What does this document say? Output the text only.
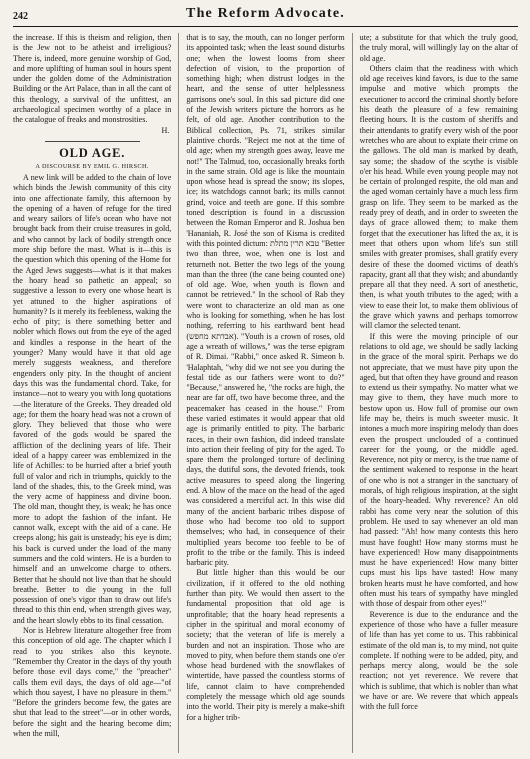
242	The Reform Advocate.

the increase. If this is theism and religion, then is the Jew not to be atheist and irreligious? There is, indeed, more genuine worship of God, and more uplifting of human soul in hours spent under the golden dome of the Administration Building or the Art Palace, than in all the cant of this theology, a survival of the unfittest, an archaeological specimen worthy of a place in the catalogue of freaks and monstrosities.

H.
OLD AGE.
A DISCOURSE BY EMIL G. HIRSCH.

A new link will be added to the chain of love which binds the Jewish community of this city into one affectionate family, this afternoon by the opening of a haven of refuge for the tired and weary sailors of life's ocean who have not brought back from their cruise treasures in gold, and who cannot by lack of bodily strength once more ship before the mast. What is it—this is the question which this opening of the Home for the Aged Jews suggests—what is it that makes the hoary head so pathetic an appeal; so suggestive a lesson to every one whose heart is yet attuned to the higher aspirations of humanity? Is it merely its feebleness, waking the echo of pity; is there something better and nobler which flows out from the eye of the aged and kindles a response in the heart of the younger? Many would have it that old age merely suggests weakness, and therefore engenders only pity. In the thought of ancient days this was the fundamental chord. Take, for instance—not to weary you with long quotations—the literature of the Greeks. They dreaded old age; for them the hoary head was not a crown of glory. They believed that those who were favored of the gods would be spared the affliction of the declining years of life. Their ideal of a happy career was emblemized in the life of Achilles: to be hurried after a brief youth full of valor and rich in triumphs, quickly to the land of the shades, this, to the Greek mind, was the very acme of happiness and divine boon. The old man, thought they, is weak; he has once more to adopt the fashion of the infant. He cannot walk, except with the aid of a cane. He creeps along; his gait is unsteady; his eye is dim; his back is curved under the load of the many summers and the cold winters. He is a burden to himself and an unwelcome charge to others. Better that he should not live than that he should breathe. Better to die young in the full possession of one's vigor than to draw out life's thread to this thin end, when strength gives way, and the heart slowly ebbs to its final cessation.

Nor is Hebrew literature altogether free from this conception of old age. The chapter which I read to you strikes also this keynote. "Remember thy Creator in the days of thy youth before those evil days come," the "preacher" calls them evil days, the days of old age—"of which thou sayest, I have no pleasure in them." "Before the grinders become few, the gates are shut that lead to the street"—or in other words, before the sight and the hearing become dim; when the mill,

that is to say, the mouth, can no longer perform its appointed task; when the least sound disturbs one; when the lowest looms from sheer defection of vision, to the proportion of something high; when distrust lodges in the heart, and the sense of utter helplessness garrisons one's soul. In this sad picture did one of the Jewish writers picture the horrors as he felt, of old age. Another contribution to the Biblical collection, Ps. 71, strikes similar plaintive chords. "Reject me not at the time of old age; when my strength goes away, leave me not!" The Talmud, too, occasionally breaks forth in the same strain. Old age is like the mountain upon whose head is spread the snow; its slopes, ice; its watchdogs cannot bark; its mills cannot grind, voice and teeth are gone. If this sombre toned description is found in a discussion between the Roman Emperor and R. Joshua ben 'Hananiah, R. José the son of Kisma is credited with this pointed dictum: טבא תרין מתלת "Better two than three, woe, when one is lost and returneth not. Better the two legs of the young man than the three (the cane being counted one) of old age. Woe, when youth is flown and cannot be retrieved." In the school of Rab they were wont to characterize an old man as one who is looking for something, when he has lost nothing, referring to his earthward bent head (אבדתא מחפש). "Youth is a crown of roses, old age a wreath of willows," was the terse epigram of R. Dimai. "Rabbi," once asked R. Simeon b. 'Halaphtah, "why did we not see you during the festal tide as our fathers were wont to do?" "Because," answered he, "the rocks are high, the near are far off, two have become three, and the peacemaker has ceased in the house." From these varied estimates it would appear that old age is primarily entitled to pity. The barbaric races, in their own fashion, did indeed translate into action their feeling of pity for the aged. To spare them the prolonged torture of declining days, the dutiful sons, the devoted friends, took active measures to speed along the lingering end. A blow of the mace on the head of the aged was considered a merciful act. In this wise did many of the ancient barbaric tribes dispose of those who had become too old to support themselves; who had, in consequence of their multiplied years become too feeble to be of profit to the tribe or the family. This is indeed barbaric pity.

But little higher than this would be our civilization, if it offered to the old nothing further than pity. We would then assert to the fundamental proposition that old age is unprofitable; that the hoary head represents a cipher in the spiritual and moral economy of society; that the veteran of life is merely a burden and not an inspiration. Those who are moved to pity, when before them stands one o'er whose head burdened with the snowflakes of wintertide, have passed the countless storms of life, cannot claim to have comprehended completely the message which old age sounds into the world. Their pity is merely a make-shift for a higher trib-

ute; a substitute for that which the truly good, the truly moral, will willingly lay on the altar of old age.

Others claim that the readiness with which old age receives kind favors, is due to the same impulse and motive which prompts the executioner to accord the criminal shortly before his death the pleasure of a few remaining fleeting hours. It is the custom of sheriffs and their attendants to gratify every wish of the poor wretches who are about to expiate their crime on the gallows. The old man is marked by death, say some; the shadow of the scythe is visible o'er his head. While even young people may not be certain of prolonged respite, the old man and the aged woman certainly have a much less firm grasp on life. They seem to be marked as the ready prey of death, and in order to sweeten the days of grace allowed them; to make them forget that the executioner has lifted the ax, it is meet that others upon whom life's sun still smiles with greater promises, shall gratify every desire of these the doomed victims of death's rapacity, grant all that they wish; and abundantly prepare all that they need. A sort of anesthetic, then, is what youth tributes to the aged; with a view to ease their lot, to make them oblivious of the grave which yawns and perhaps tomorrow will clamor the selected tenant.

If this were the moving principle of our relations to old age, we should be sadly lacking in the grace of the moral spirit. Perhaps we do not appreciate, that we must have pity upon the aged, but that often they have ground and reason to extend us their sympathy. No matter what we may give to them, they have much more to bestow upon us. How full of promise our own life may be, theirs is much sweeter music. It intones a much more inspiring melody than does even the prospect unclouded of a continued career for the young, or the middle aged. Reverence, not pity or mercy, is the true name of the sentiment wakened to response in the heart of one who is not a stranger in the sanctuary of morals, of high religious inspiration, at the sight of the hoary-headed. Why reverence? An old rabbi has come very near the solution of this problem. He used to say whenever an old man had passed: "Ah! how many contests this hero must have fought! How many storms must he have experienced! How many disappointments must he have experienced! How many bitter cups must his lips have tasted! How many broken hearts must he have comforted, and how often must his tears of sympathy have mingled with those of despair from other eyes!"

Reverence is due to the endurance and the experience of those who have a fuller measure of life than has yet come to us. This rabbinical estimate of the old man is, to my mind, not quite complete. If nothing were to be added, pity, and perhaps mercy along, would be the sole reaction; not yet reverence. We revere that which is sublime, that which is nobler than what we have or are. We revere that which appeals with the full force
